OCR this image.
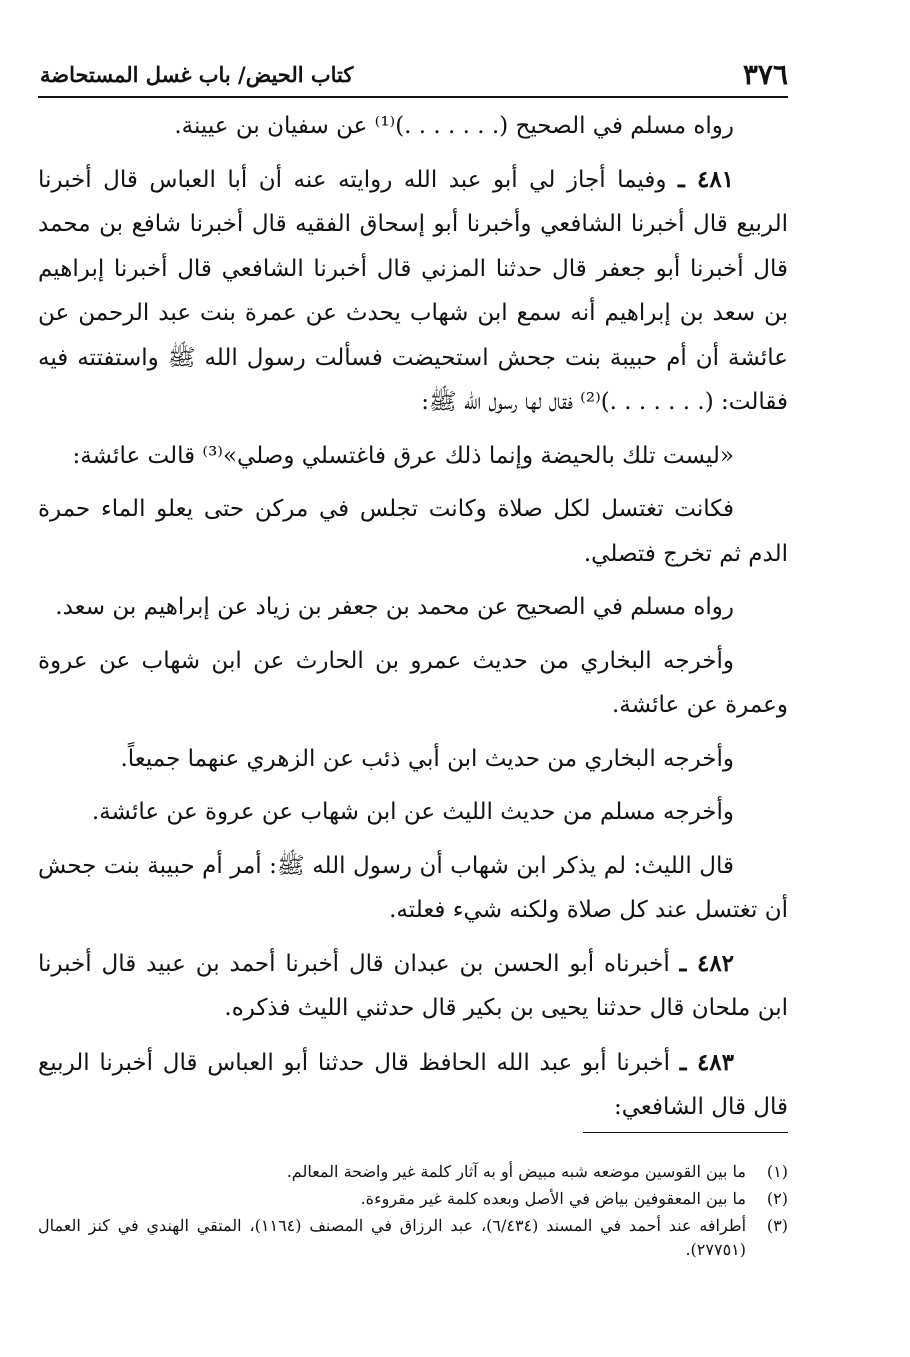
٣٧٦
كتاب الحيض/ باب غسل المستحاضة

رواه مسلم في الصحيح (. . . . . . .)⁽¹⁾ عن سفيان بن عيينة.

٤٨١ ـ وفيما أجاز لي أبو عبد الله روايته عنه أن أبا العباس قال أخبرنا الربيع قال أخبرنا الشافعي وأخبرنا أبو إسحاق الفقيه قال أخبرنا شافع بن محمد قال أخبرنا أبو جعفر قال حدثنا المزني قال أخبرنا الشافعي قال أخبرنا إبراهيم بن سعد بن إبراهيم أنه سمع ابن شهاب يحدث عن عمرة بنت عبد الرحمن عن عائشة أن أم حبيبة بنت جحش استحيضت فسألت رسول الله ﷺ واستفتته فيه فقالت: (. . . . . . .)⁽²⁾ فقال لها رسول الله ﷺ:

«ليست تلك بالحيضة وإنما ذلك عرق فاغتسلي وصلي»⁽³⁾ قالت عائشة:

فكانت تغتسل لكل صلاة وكانت تجلس في مركن حتى يعلو الماء حمرة الدم ثم تخرج فتصلي.

رواه مسلم في الصحيح عن محمد بن جعفر بن زياد عن إبراهيم بن سعد.

وأخرجه البخاري من حديث عمرو بن الحارث عن ابن شهاب عن عروة وعمرة عن عائشة.

وأخرجه البخاري من حديث ابن أبي ذئب عن الزهري عنهما جميعاً.

وأخرجه مسلم من حديث الليث عن ابن شهاب عن عروة عن عائشة.

قال الليث: لم يذكر ابن شهاب أن رسول الله ﷺ: أمر أم حبيبة بنت جحش أن تغتسل عند كل صلاة ولكنه شيء فعلته.

٤٨٢ ـ أخبرناه أبو الحسن بن عبدان قال أخبرنا أحمد بن عبيد قال أخبرنا ابن ملحان قال حدثنا يحيى بن بكير قال حدثني الليث فذكره.

٤٨٣ ـ أخبرنا أبو عبد الله الحافظ قال حدثنا أبو العباس قال أخبرنا الربيع قال قال الشافعي:

(١)
ما بين القوسين موضعه شبه مبيض أو به آثار كلمة غير واضحة المعالم.
(٢)
ما بين المعقوفين بياض في الأصل وبعده كلمة غير مقروءة.
(٣)
أطرافه عند أحمد في المسند (٦/٤٣٤)، عبد الرزاق في المصنف (١١٦٤)، المتقي الهندي في كنز العمال (٢٧٧٥١).
